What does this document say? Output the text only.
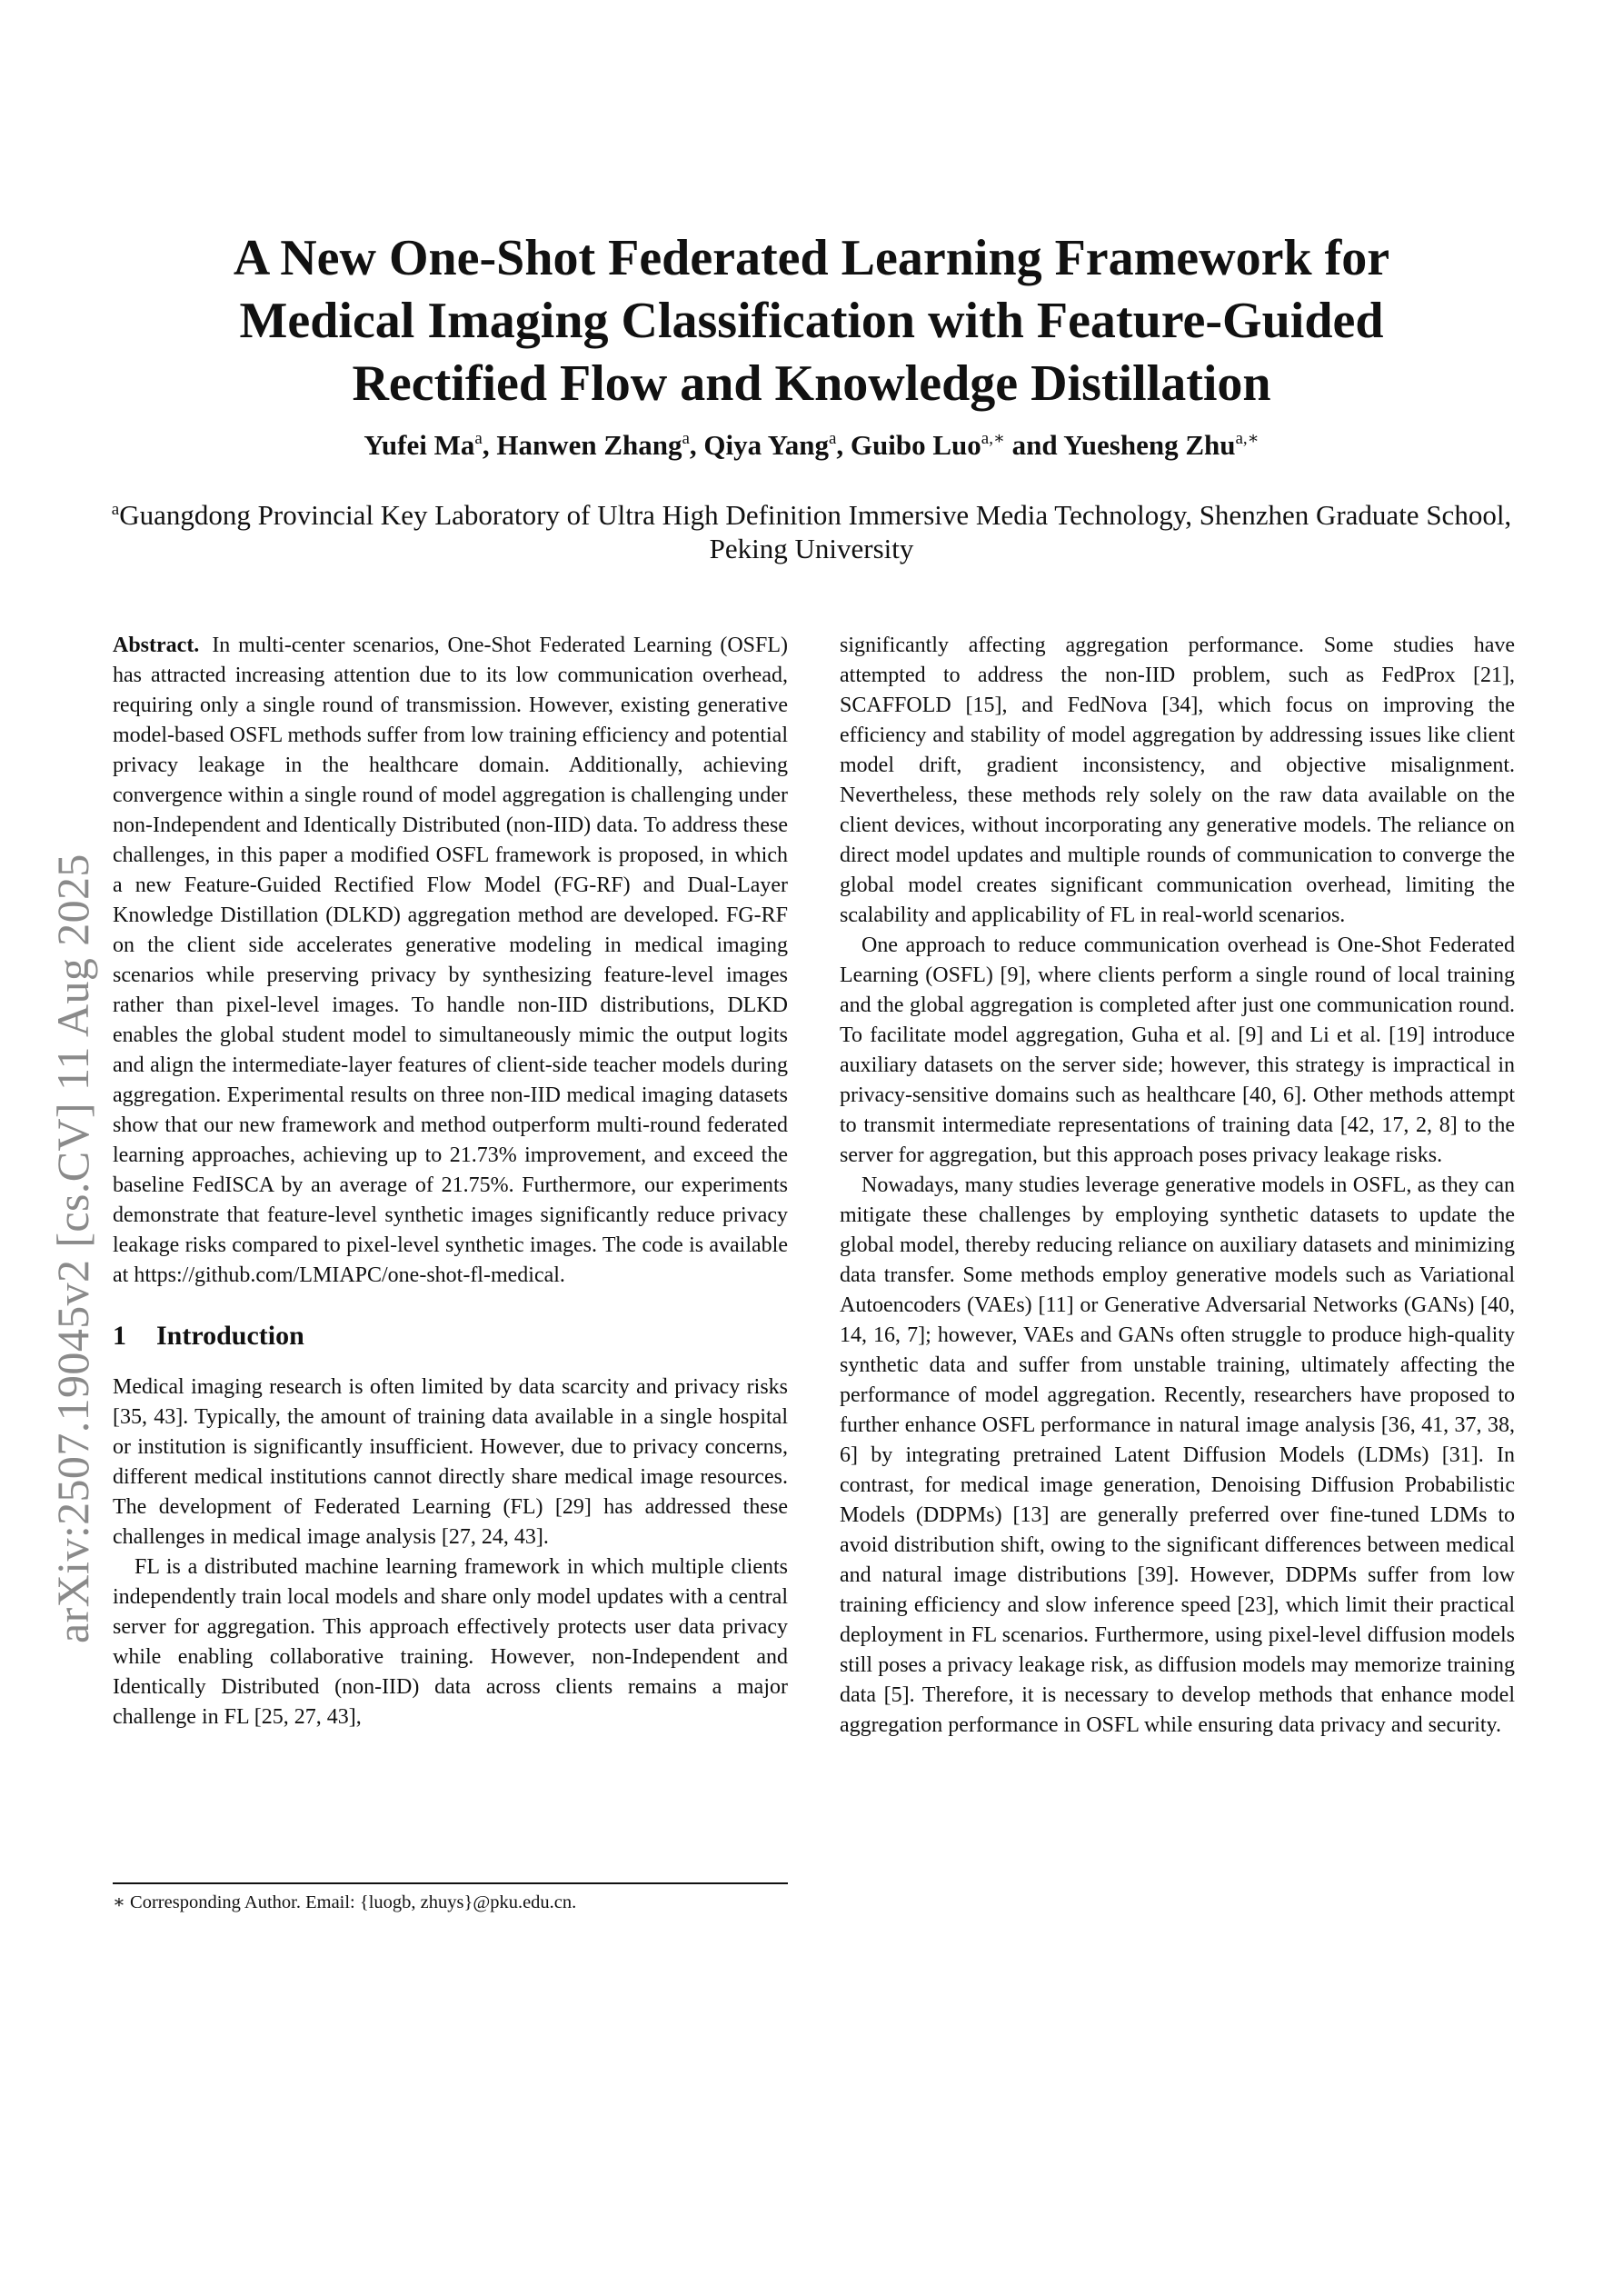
arXiv:2507.19045v2 [cs.CV] 11 Aug 2025
A New One-Shot Federated Learning Framework for
Medical Imaging Classification with Feature-Guided
Rectified Flow and Knowledge Distillation
Yufei Ma$^a$, Hanwen Zhang$^a$, Qiya Yang$^a$, Guibo Luo$^{a,∗}$ and Yuesheng Zhu$^{a,∗}$
$^a$Guangdong Provincial Key Laboratory of Ultra High Definition Immersive Media Technology, Shenzhen Graduate School, Peking University

Abstract. In multi-center scenarios, One-Shot Federated Learning (OSFL) has attracted increasing attention due to its low communication overhead, requiring only a single round of transmission. However, existing generative model-based OSFL methods suffer from low training efficiency and potential privacy leakage in the healthcare domain. Additionally, achieving convergence within a single round of model aggregation is challenging under non-Independent and Identically Distributed (non-IID) data. To address these challenges, in this paper a modified OSFL framework is proposed, in which a new Feature-Guided Rectified Flow Model (FG-RF) and Dual-Layer Knowledge Distillation (DLKD) aggregation method are developed. FG-RF on the client side accelerates generative modeling in medical imaging scenarios while preserving privacy by synthesizing feature-level images rather than pixel-level images. To handle non-IID distributions, DLKD enables the global student model to simultaneously mimic the output logits and align the intermediate-layer features of client-side teacher models during aggregation. Experimental results on three non-IID medical imaging datasets show that our new framework and method outperform multi-round federated learning approaches, achieving up to 21.73% improvement, and exceed the baseline FedISCA by an average of 21.75%. Furthermore, our experiments demonstrate that feature-level synthetic images significantly reduce privacy leakage risks compared to pixel-level synthetic images. The code is available at https://github.com/LMIAPC/one-shot-fl-medical.

1 Introduction

Medical imaging research is often limited by data scarcity and privacy risks [35, 43]. Typically, the amount of training data available in a single hospital or institution is significantly insufficient. However, due to privacy concerns, different medical institutions cannot directly share medical image resources. The development of Federated Learning (FL) [29] has addressed these challenges in medical image analysis [27, 24, 43].

FL is a distributed machine learning framework in which multiple clients independently train local models and share only model updates with a central server for aggregation. This approach effectively protects user data privacy while enabling collaborative training. However, non-Independent and Identically Distributed (non-IID) data across clients remains a major challenge in FL [25, 27, 43],

∗ Corresponding Author. Email: {luogb, zhuys}@pku.edu.cn.

significantly affecting aggregation performance. Some studies have attempted to address the non-IID problem, such as FedProx [21], SCAFFOLD [15], and FedNova [34], which focus on improving the efficiency and stability of model aggregation by addressing issues like client model drift, gradient inconsistency, and objective misalignment. Nevertheless, these methods rely solely on the raw data available on the client devices, without incorporating any generative models. The reliance on direct model updates and multiple rounds of communication to converge the global model creates significant communication overhead, limiting the scalability and applicability of FL in real-world scenarios.

One approach to reduce communication overhead is One-Shot Federated Learning (OSFL) [9], where clients perform a single round of local training and the global aggregation is completed after just one communication round. To facilitate model aggregation, Guha et al. [9] and Li et al. [19] introduce auxiliary datasets on the server side; however, this strategy is impractical in privacy-sensitive domains such as healthcare [40, 6]. Other methods attempt to transmit intermediate representations of training data [42, 17, 2, 8] to the server for aggregation, but this approach poses privacy leakage risks.

Nowadays, many studies leverage generative models in OSFL, as they can mitigate these challenges by employing synthetic datasets to update the global model, thereby reducing reliance on auxiliary datasets and minimizing data transfer. Some methods employ generative models such as Variational Autoencoders (VAEs) [11] or Generative Adversarial Networks (GANs) [40, 14, 16, 7]; however, VAEs and GANs often struggle to produce high-quality synthetic data and suffer from unstable training, ultimately affecting the performance of model aggregation. Recently, researchers have proposed to further enhance OSFL performance in natural image analysis [36, 41, 37, 38, 6] by integrating pretrained Latent Diffusion Models (LDMs) [31]. In contrast, for medical image generation, Denoising Diffusion Probabilistic Models (DDPMs) [13] are generally preferred over fine-tuned LDMs to avoid distribution shift, owing to the significant differences between medical and natural image distributions [39]. However, DDPMs suffer from low training efficiency and slow inference speed [23], which limit their practical deployment in FL scenarios. Furthermore, using pixel-level diffusion models still poses a privacy leakage risk, as diffusion models may memorize training data [5]. Therefore, it is necessary to develop methods that enhance model aggregation performance in OSFL while ensuring data privacy and security.
